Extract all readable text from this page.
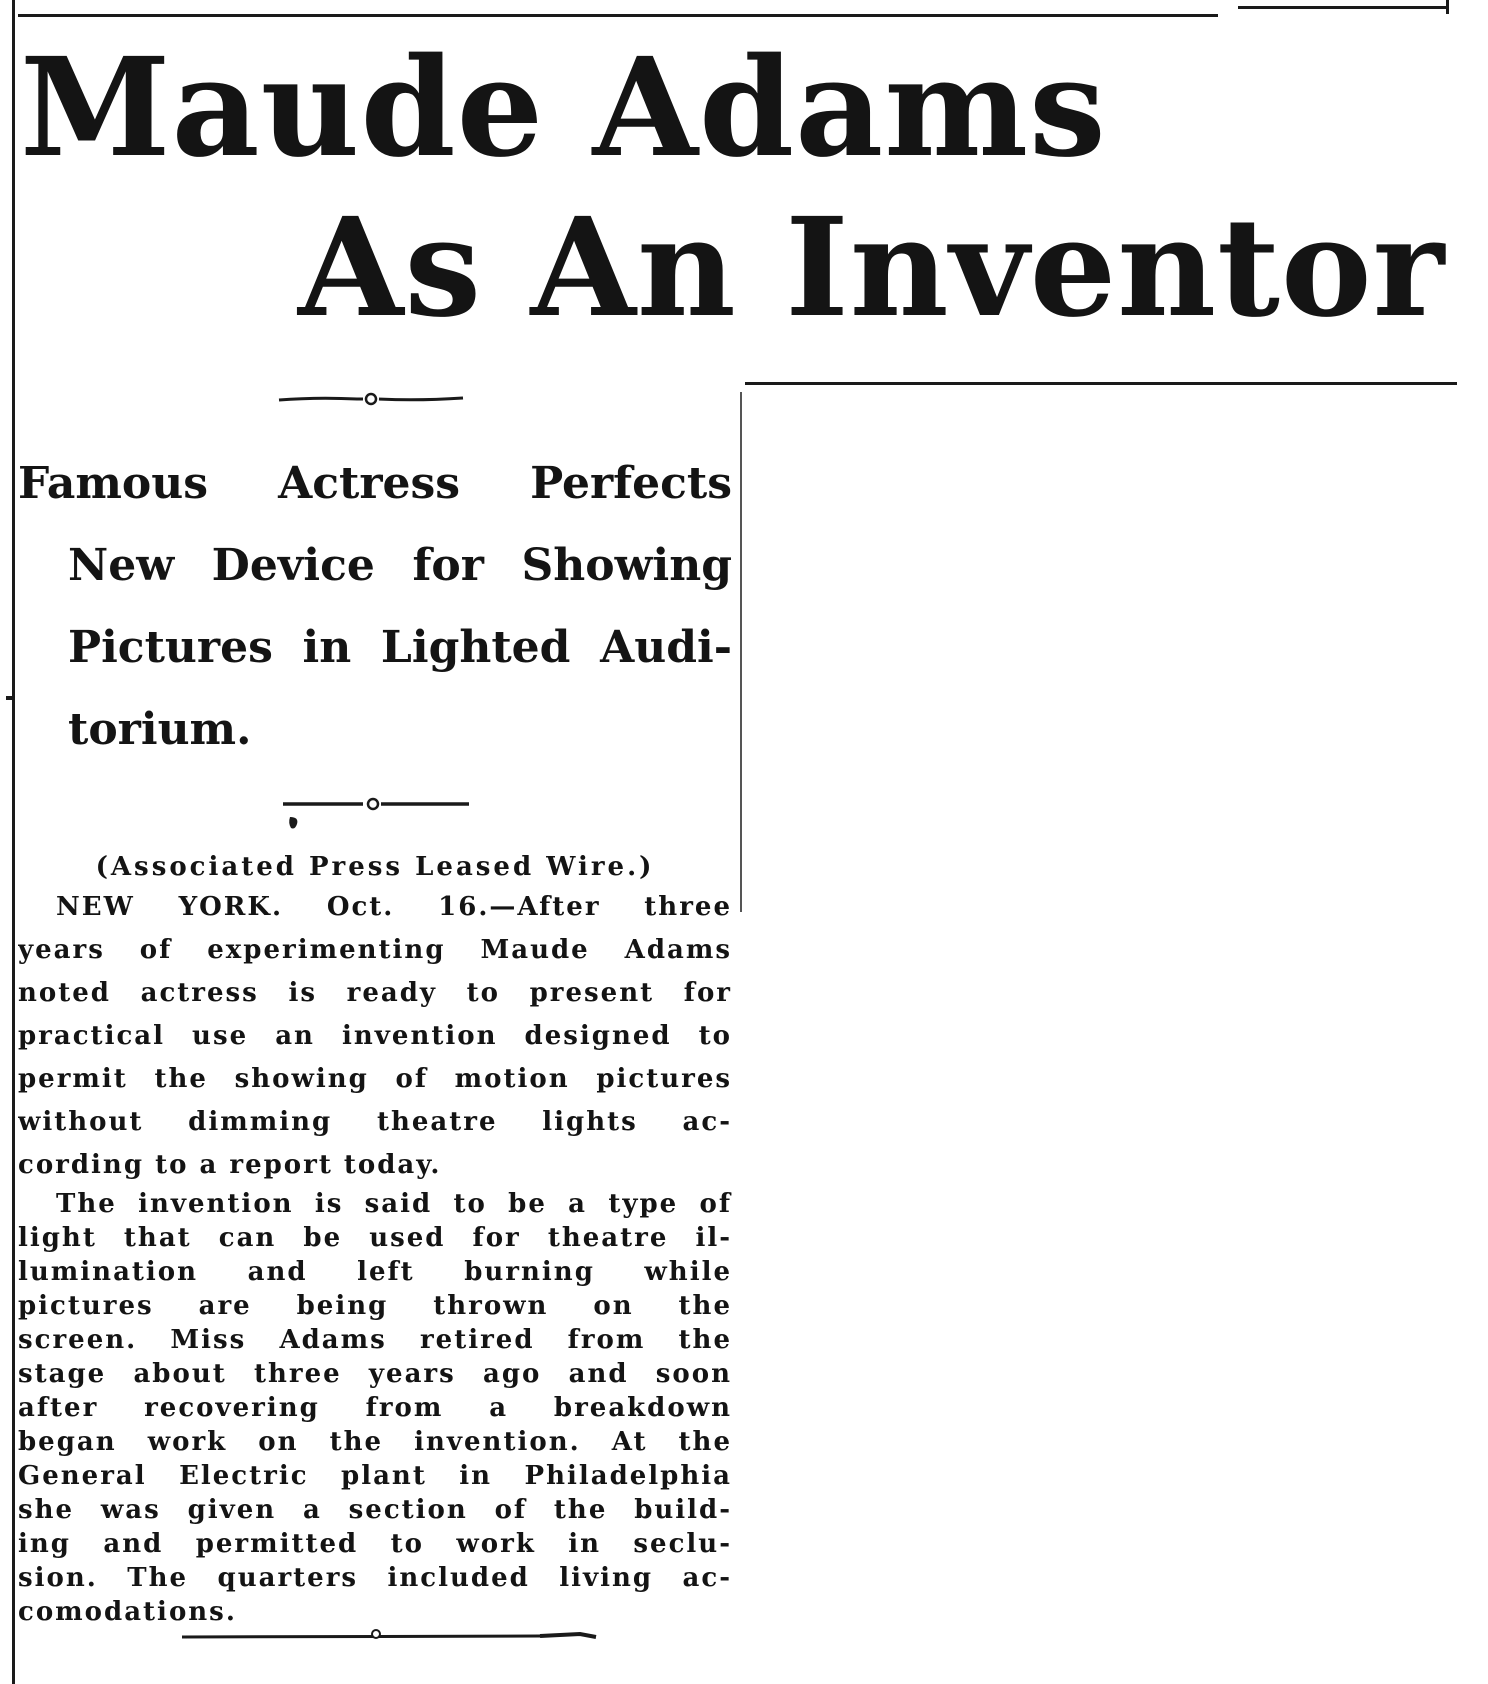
Maude Adams
As An Inventor

Famous Actress Perfects

New Device for Showing

Pictures in Lighted Audi-

torium.

(Associated Press Leased Wire.)

NEW YORK. Oct. 16.—After three

years of experimenting Maude Adams

noted actress is ready to present for

practical use an invention designed to

permit the showing of motion pictures

without dimming theatre lights ac-

cording to a report today.

The invention is said to be a type of

light that can be used for theatre il-

lumination and left burning while

pictures are being thrown on the

screen. Miss Adams retired from the

stage about three years ago and soon

after recovering from a breakdown

began work on the invention. At the

General Electric plant in Philadelphia

she was given a section of the build-

ing and permitted to work in seclu-

sion. The quarters included living ac-

comodations.
